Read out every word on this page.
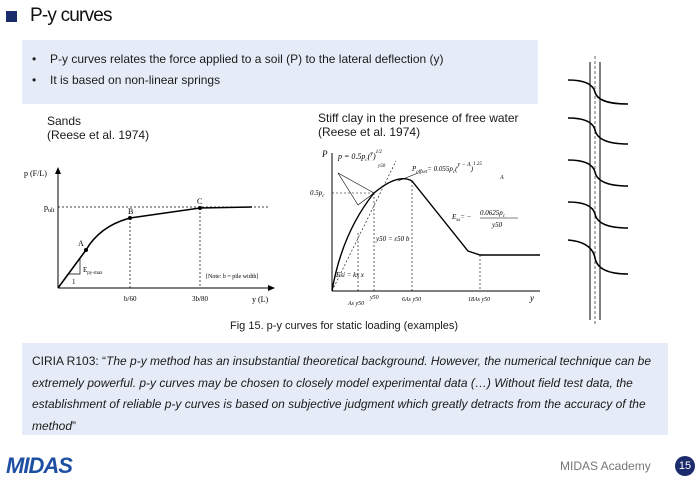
P-y curves
• P-y curves relates the force applied to a soil (P) to the lateral deflection (y)
• It is based on non-linear springs
Sands
(Reese et al. 1974)
p (F/L)
y (L)
$p_{ult}$
A
B
C
1
$E_{py-max}$
b/60	3b/80
[Note: b = pile width]
Stiff clay in the presence of free water
(Reese et al. 1974)
P
y
$p = 0.5p_c(^y)^{1/2}$
y50	$P_{offset}= 0.055p_c(y - A)^{1.25}$
A
$0.5p_c$
$E_{ss}= - 0.0625p_c$
y50
y50 = ε50 b
Esi = ks x
As y50
y50	6As y50	18As y50
Fig 15. p-y curves for static loading (examples)
CIRIA R103: “The p-y method has an insubstantial theoretical background. However, the numerical technique can be extremely powerful. p-y curves may be chosen to closely model experimental data (…) Without field test data, the establishment of reliable p-y curves is based on subjective judgment which greatly detracts from the accuracy of the method”
MIDAS	MIDAS Academy	15
